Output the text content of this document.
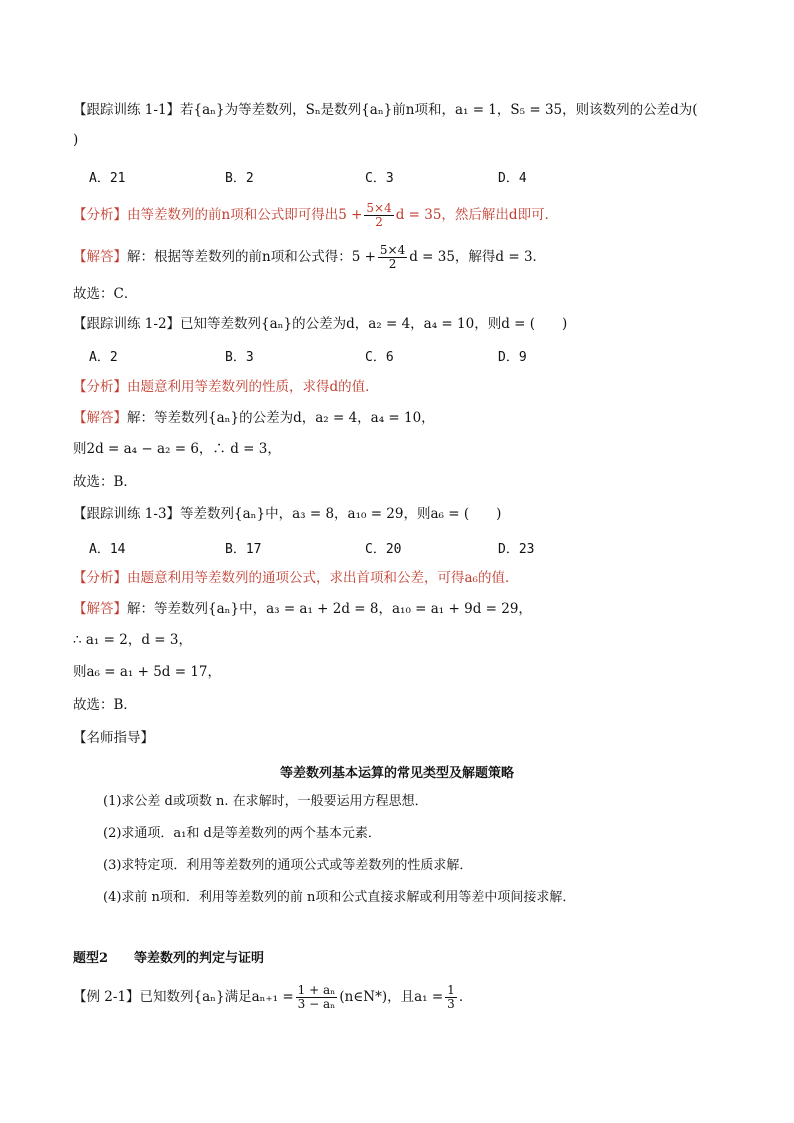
【跟踪训练 1-1】若{aₙ}为等差数列，Sₙ是数列{aₙ}前n项和，a₁ = 1，S₅ = 35，则该数列的公差d为(
)
A．21	B．2	C．3	D．4
【分析】由等差数列的前n项和公式即可得出$5 + \frac{5\times 4}{2}$ d = 35，然后解出d即可．
【解答】解：根据等差数列的前n项和公式得：$5 + \frac{5\times 4}{2}$ d = 35，解得d = 3．
故选：C．
【跟踪训练 1-2】已知等差数列{aₙ}的公差为d，a₂ = 4，a₄ = 10，则d = (　　)
A．2	B．3	C．6	D．9
【分析】由题意利用等差数列的性质，求得d的值．
【解答】解：等差数列{aₙ}的公差为d，a₂ = 4，a₄ = 10，
则2d = a₄ − a₂ = 6，∴ d = 3，
故选：B．
【跟踪训练 1-3】等差数列{aₙ}中，a₃ = 8，a₁₀ = 29，则a₆ = (　　)
A．14	B．17	C．20	D．23
【分析】由题意利用等差数列的通项公式，求出首项和公差，可得a₆的值．
【解答】解：等差数列{aₙ}中，a₃ = a₁ + 2d = 8，a₁₀ = a₁ + 9d = 29，
∴ a₁ = 2，d = 3，
则a₆ = a₁ + 5d = 17，
故选：B．
【名师指导】
等差数列基本运算的常见类型及解题策略
(1)求公差 d或项数 n. 在求解时，一般要运用方程思想．
(2)求通项．a₁和 d是等差数列的两个基本元素．
(3)求特定项．利用等差数列的通项公式或等差数列的性质求解．
(4)求前 n项和．利用等差数列的前 n项和公式直接求解或利用等差中项间接求解．
题型2　　等差数列的判定与证明
【例 2-1】已知数列{aₙ}满足$a_{n+1} = \frac{\text{1 + aₙ}}{\text{3 − aₙ}}$ (n∈N*)，且$a_1 = \frac{1}{3}$ ．
